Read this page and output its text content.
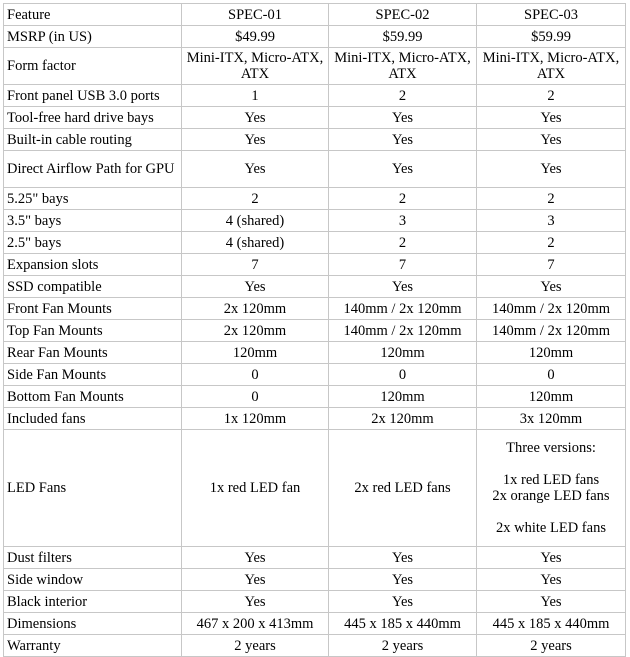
Feature	SPEC-01	SPEC-02	SPEC-03
MSRP (in US)	$49.99	$59.99	$59.99
Form factor	Mini-ITX, Micro-ATX, ATX	Mini-ITX, Micro-ATX, ATX	Mini-ITX, Micro-ATX, ATX
Front panel USB 3.0 ports	1	2	2
Tool-free hard drive bays	Yes	Yes	Yes
Built-in cable routing	Yes	Yes	Yes
Direct Airflow Path for GPU	Yes	Yes	Yes
5.25" bays	2	2	2
3.5" bays	4 (shared)	3	3
2.5" bays	4 (shared)	2	2
Expansion slots	7	7	7
SSD compatible	Yes	Yes	Yes
Front Fan Mounts	2x 120mm	140mm / 2x 120mm	140mm / 2x 120mm
Top Fan Mounts	2x 120mm	140mm / 2x 120mm	140mm / 2x 120mm
Rear Fan Mounts	120mm	120mm	120mm
Side Fan Mounts	0	0	0
Bottom Fan Mounts	0	120mm	120mm
Included fans	1x 120mm	2x 120mm	3x 120mm
LED Fans	1x red LED fan	2x red LED fans	Three versions:
1x red LED fans
2x orange LED fans
2x white LED fans

Dust filters	Yes	Yes	Yes
Side window	Yes	Yes	Yes
Black interior	Yes	Yes	Yes
Dimensions	467 x 200 x 413mm	445 x 185 x 440mm	445 x 185 x 440mm
Warranty	2 years	2 years	2 years
